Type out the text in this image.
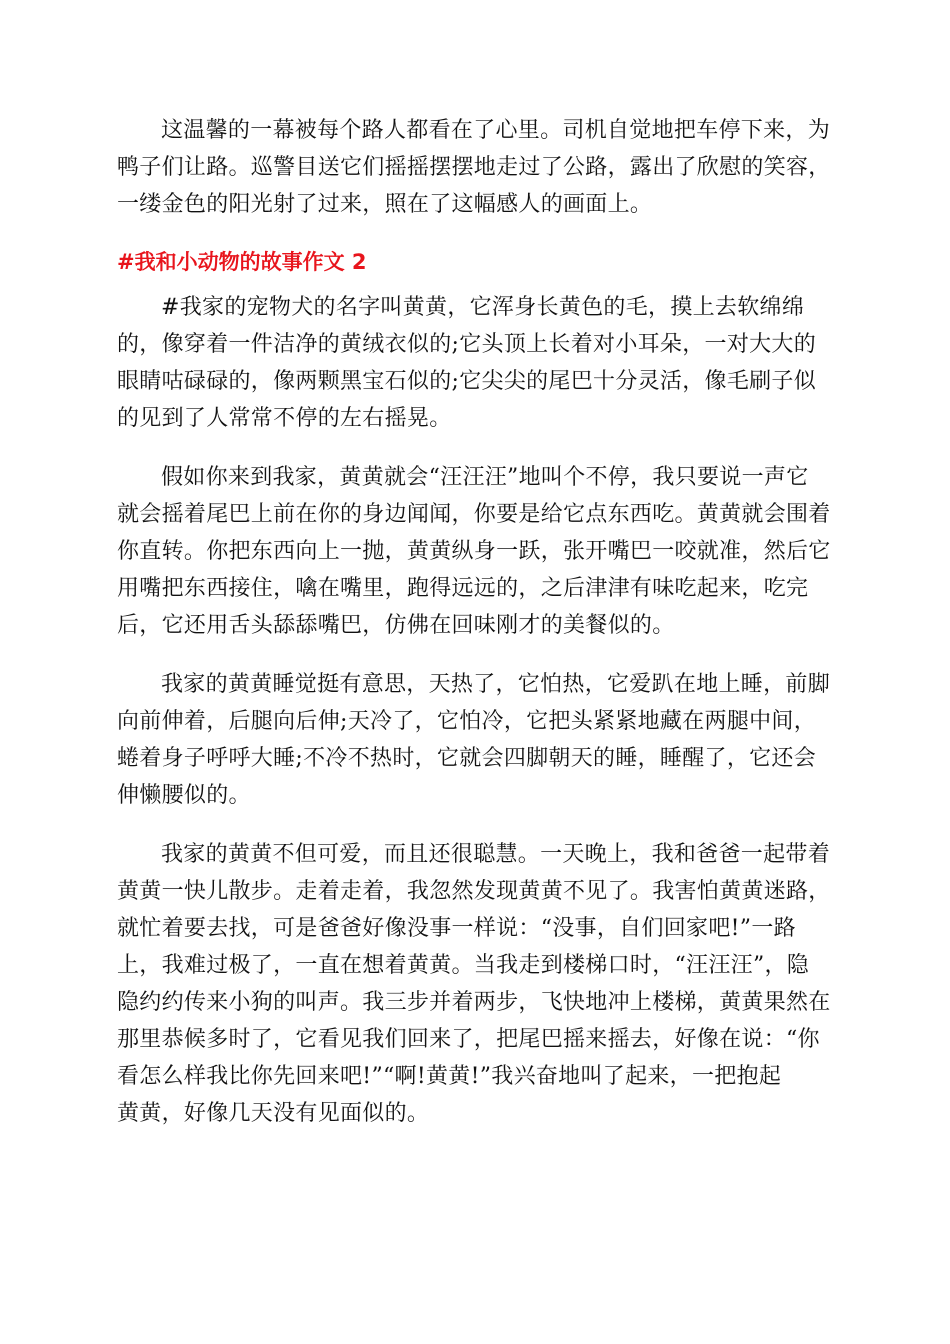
这温馨的一幕被每个路人都看在了心里。司机自觉地把车停下来，为
鸭子们让路。巡警目送它们摇摇摆摆地走过了公路，露出了欣慰的笑容，
一缕金色的阳光射了过来，照在了这幅感人的画面上。
#我和小动物的故事作文 2
#我家的宠物犬的名字叫黄黄，它浑身长黄色的毛，摸上去软绵绵
的，像穿着一件洁净的黄绒衣似的;它头顶上长着对小耳朵，一对大大的
眼睛咕碌碌的，像两颗黑宝石似的;它尖尖的尾巴十分灵活，像毛刷子似
的见到了人常常不停的左右摇晃。
假如你来到我家，黄黄就会“汪汪汪”地叫个不停，我只要说一声它
就会摇着尾巴上前在你的身边闻闻，你要是给它点东西吃。黄黄就会围着
你直转。你把东西向上一抛，黄黄纵身一跃，张开嘴巴一咬就准，然后它
用嘴把东西接住，噙在嘴里，跑得远远的，之后津津有味吃起来，吃完
后，它还用舌头舔舔嘴巴，仿佛在回味刚才的美餐似的。
我家的黄黄睡觉挺有意思，天热了，它怕热，它爱趴在地上睡，前脚
向前伸着，后腿向后伸;天冷了，它怕冷，它把头紧紧地藏在两腿中间，
蜷着身子呼呼大睡;不冷不热时，它就会四脚朝天的睡，睡醒了，它还会
伸懒腰似的。
我家的黄黄不但可爱，而且还很聪慧。一天晚上，我和爸爸一起带着
黄黄一快儿散步。走着走着，我忽然发现黄黄不见了。我害怕黄黄迷路，
就忙着要去找，可是爸爸好像没事一样说：“没事，自们回家吧!”一路
上，我难过极了，一直在想着黄黄。当我走到楼梯口时，“汪汪汪”，隐
隐约约传来小狗的叫声。我三步并着两步，飞快地冲上楼梯，黄黄果然在
那里恭候多时了，它看见我们回来了，把尾巴摇来摇去，好像在说：“你
看怎么样我比你先回来吧!”“啊!黄黄!”我兴奋地叫了起来，一把抱起
黄黄，好像几天没有见面似的。
